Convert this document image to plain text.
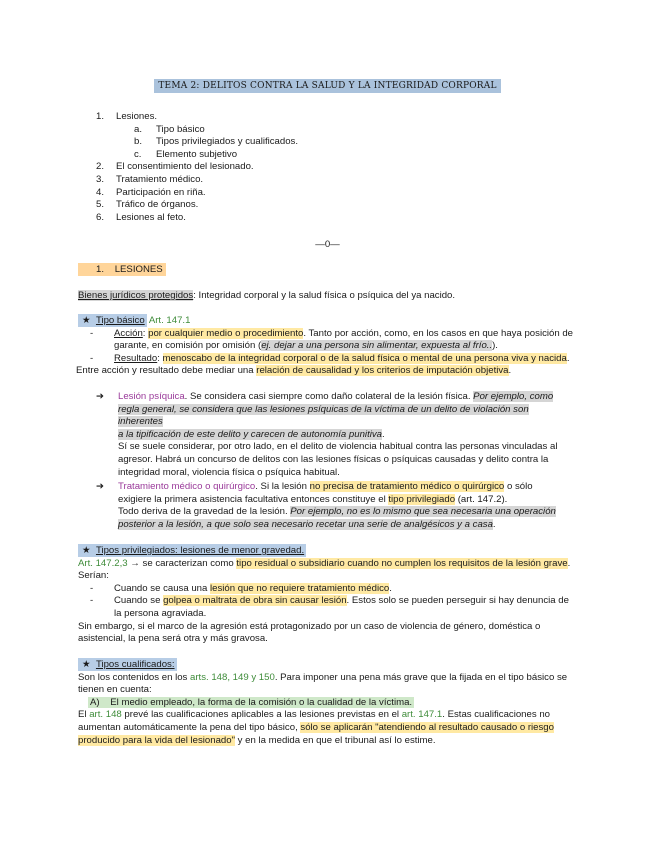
TEMA 2: DELITOS CONTRA LA SALUD Y LA INTEGRIDAD CORPORAL
1. Lesiones.
a. Tipo básico
b. Tipos privilegiados y cualificados.
c. Elemento subjetivo
2. El consentimiento del lesionado.
3. Tratamiento médico.
4. Participación en riña.
5. Tráfico de órganos.
6. Lesiones al feto.
—0—
1. LESIONES
Bienes jurídicos protegidos: Integridad corporal y la salud física o psíquica del ya nacido.
★ Tipo básico Art. 147.1
- Acción: por cualquier medio o procedimiento. Tanto por acción, como, en los casos en que haya posición de
garante, en comisión por omisión (ej. dejar a una persona sin alimentar, expuesta al frío..).
- Resultado: menoscabo de la integridad corporal o de la salud física o mental de una persona viva y nacida.
Entre acción y resultado debe mediar una relación de causalidad y los criterios de imputación objetiva.
➔ Lesión psíquica. Se considera casi siempre como daño colateral de la lesión física. Por ejemplo, como
regla general, se considera que las lesiones psíquicas de la víctima de un delito de violación son inherentes
a la tipificación de este delito y carecen de autonomía punitiva.
Sí se suele considerar, por otro lado, en el delito de violencia habitual contra las personas vinculadas al
agresor. Habrá un concurso de delitos con las lesiones físicas o psíquicas causadas y delito contra la
integridad moral, violencia física o psíquica habitual.
➔ Tratamiento médico o quirúrgico. Si la lesión no precisa de tratamiento médico o quirúrgico o sólo
exigiere la primera asistencia facultativa entonces constituye el tipo privilegiado (art. 147.2).
Todo deriva de la gravedad de la lesión. Por ejemplo, no es lo mismo que sea necesaria una operación
posterior a la lesión, a que solo sea necesario recetar una serie de analgésicos y a casa.
★ Tipos privilegiados: lesiones de menor gravedad.
Art. 147.2,3 → se caracterizan como tipo residual o subsidiario cuando no cumplen los requisitos de la lesión grave.
Serían:
- Cuando se causa una lesión que no requiere tratamiento médico.
- Cuando se golpea o maltrata de obra sin causar lesión. Estos solo se pueden perseguir si hay denuncia de
la persona agraviada.
Sin embargo, si el marco de la agresión está protagonizado por un caso de violencia de género, doméstica o
asistencial, la pena será otra y más gravosa.
★ Tipos cualificados:
Son los contenidos en los arts. 148, 149 y 150. Para imponer una pena más grave que la fijada en el tipo básico se
tienen en cuenta:
A) El medio empleado, la forma de la comisión o la cualidad de la víctima.
El art. 148 prevé las cualificaciones aplicables a las lesiones previstas en el art. 147.1. Estas cualificaciones no
aumentan automáticamente la pena del tipo básico, sólo se aplicarán "atendiendo al resultado causado o riesgo
producido para la vida del lesionado" y en la medida en que el tribunal así lo estime.
